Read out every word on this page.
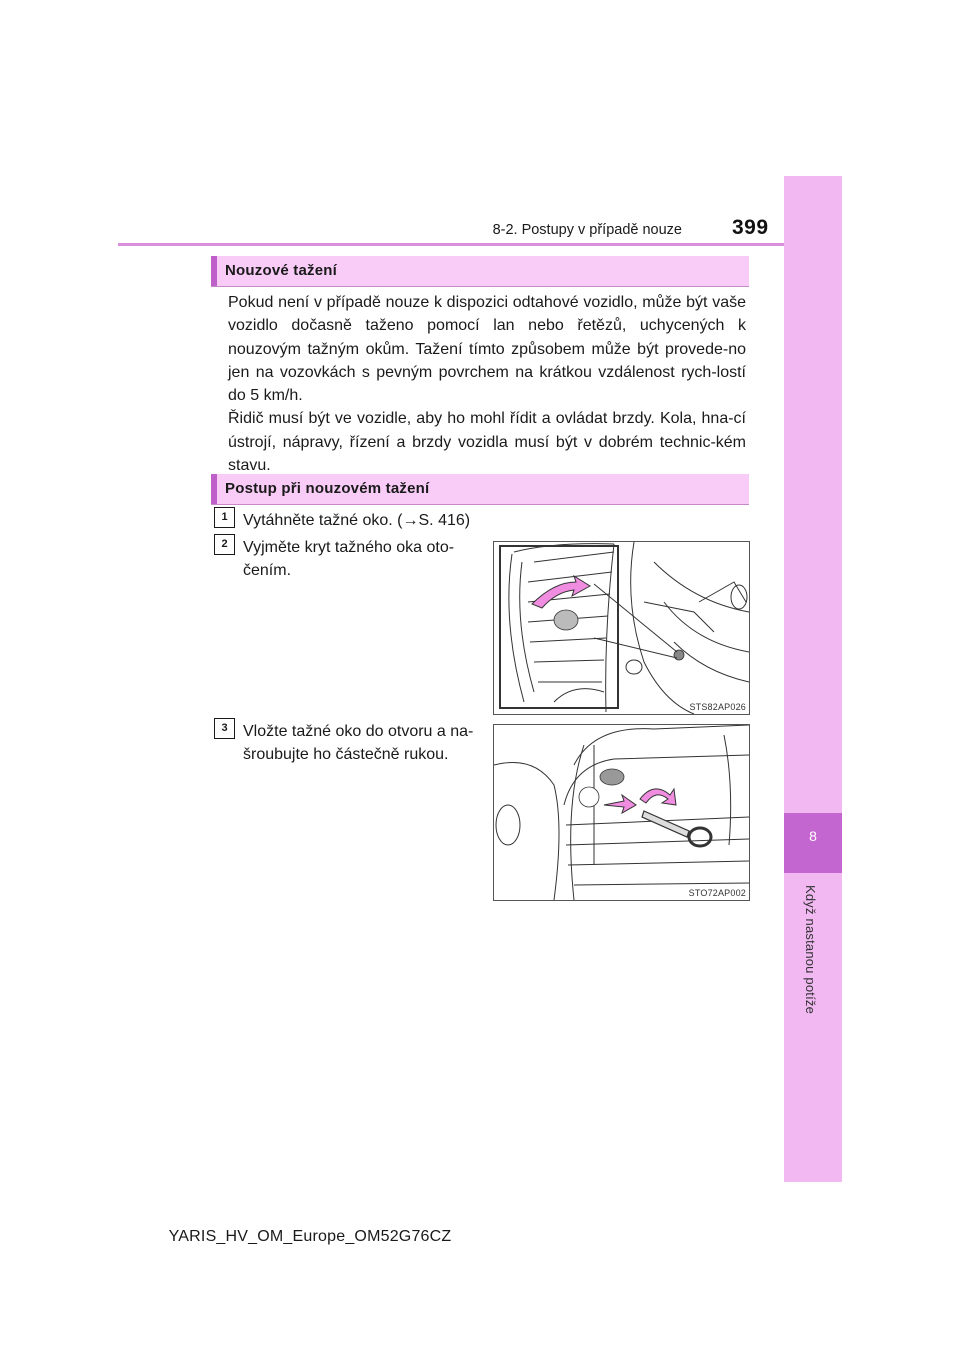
8
Když nastanou potíže
8-2. Postupy v případě nouze 399
Nouzové tažení

Pokud není v případě nouze k dispozici odtahové vozidlo, může být vaše vozidlo dočasně taženo pomocí lan nebo řetězů, uchycených k nouzovým tažným okům. Tažení tímto způsobem může být provede-no jen na vozovkách s pevným povrchem na krátkou vzdálenost rych-lostí do 5 km/h.

Řidič musí být ve vozidle, aby ho mohl řídit a ovládat brzdy. Kola, hna-cí ústrojí, nápravy, řízení a brzdy vozidla musí být v dobrém technic-kém stavu.

Postup při nouzovém tažení
1 Vytáhněte tažné oko. (→S. 416)
2 Vyjměte kryt tažného oka oto-
čením.
STS82AP026
3 Vložte tažné oko do otvoru a na-
šroubujte ho částečně rukou.
STO72AP002
YARIS_HV_OM_Europe_OM52G76CZ
